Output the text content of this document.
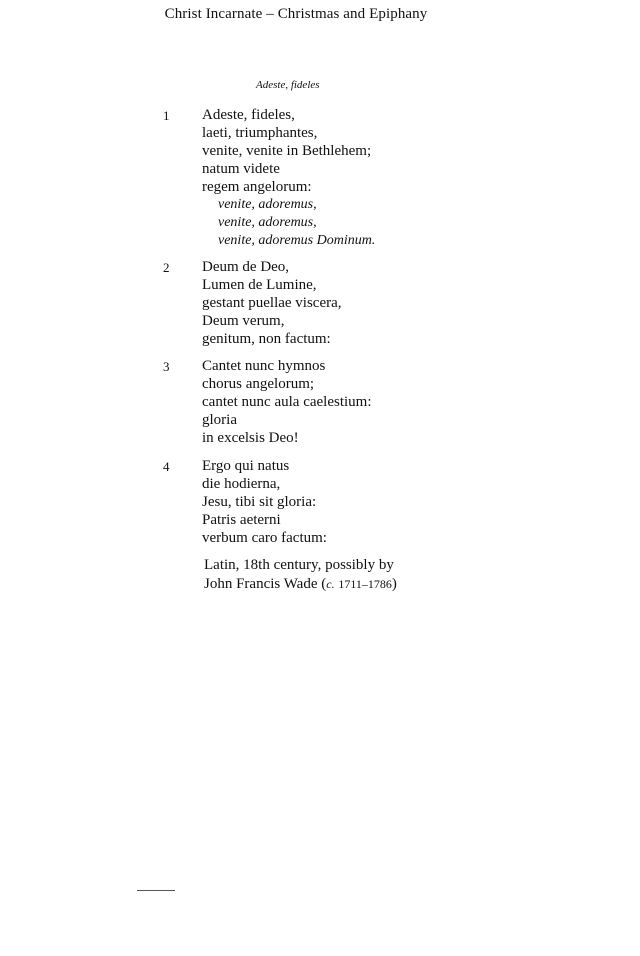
Christ Incarnate – Christmas and Epiphany
Adeste, fideles
1 Adeste, fideles,
laeti, triumphantes,
venite, venite in Bethlehem;
natum videte
regem angelorum:
venite, adoremus,
venite, adoremus,
venite, adoremus Dominum.
2 Deum de Deo,
Lumen de Lumine,
gestant puellae viscera,
Deum verum,
genitum, non factum:
3 Cantet nunc hymnos
chorus angelorum;
cantet nunc aula caelestium:
gloria
in excelsis Deo!
4 Ergo qui natus
die hodierna,
Jesu, tibi sit gloria:
Patris aeterni
verbum caro factum:
Latin, 18th century, possibly by
John Francis Wade (c. 1711–1786)
